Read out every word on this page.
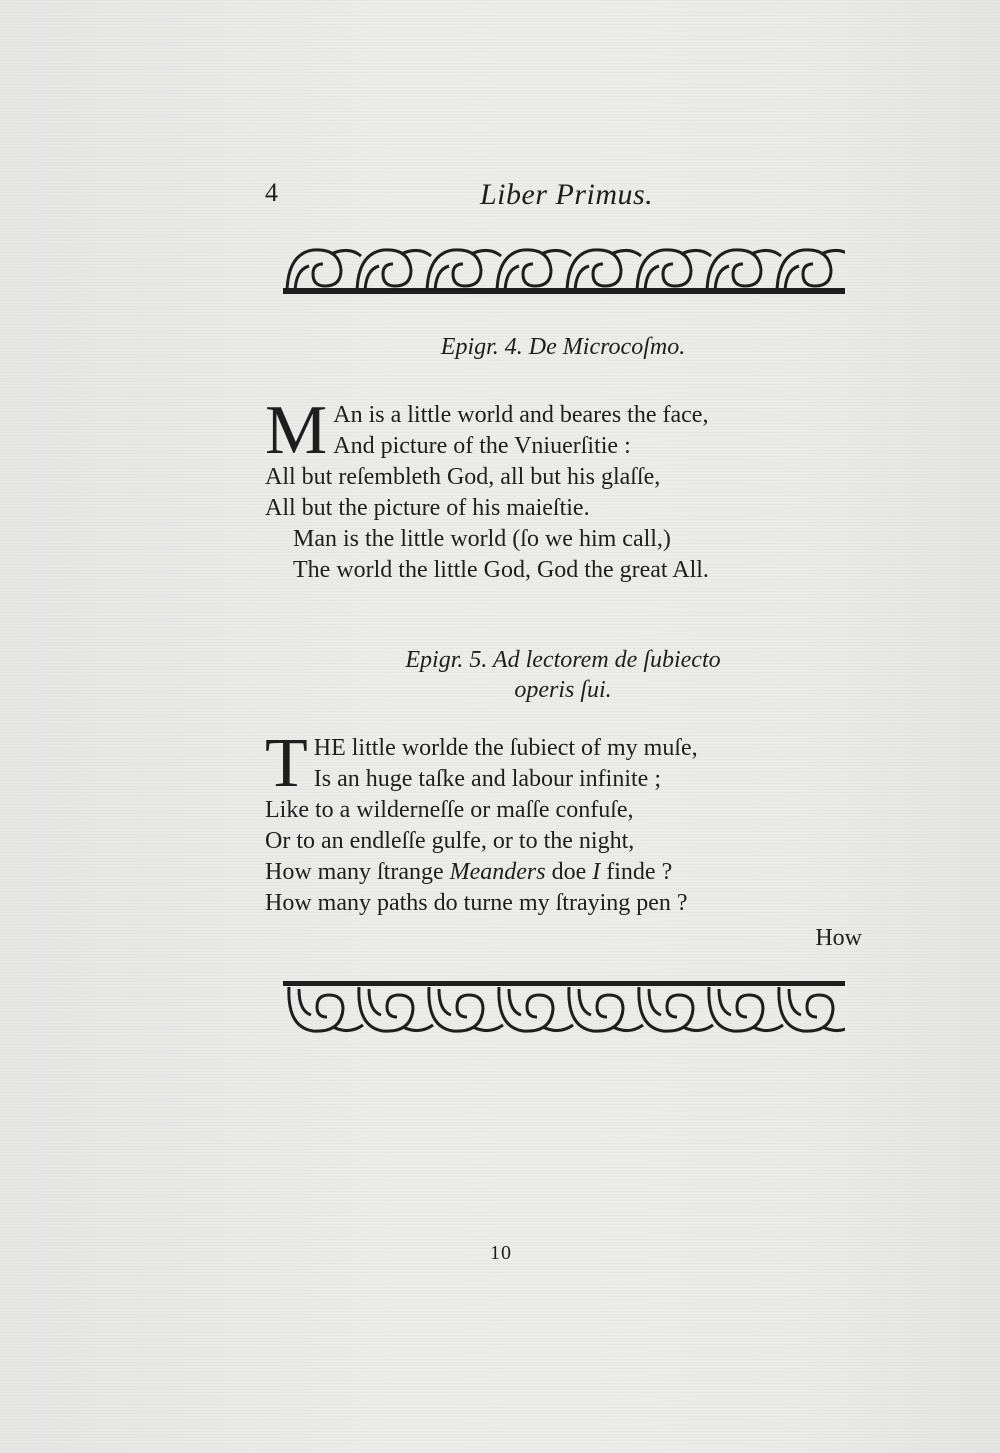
4	Liber Primus.
Epigr. 4. De Microcoſmo.
M An is a little world and beares the face,
And picture of the Vniuerſitie :
All but reſembleth God, all but his glaſſe,
All but the picture of his maieſtie.
Man is the little world (ſo we him call,)
The world the little God, God the great All.
Epigr. 5. Ad lectorem de ſubiecto
operis ſui.
T HE little worlde the ſubiect of my muſe,
Is an huge taſke and labour infinite ;
Like to a wilderneſſe or maſſe confuſe,
Or to an endleſſe gulfe, or to the night,
How many ſtrange Meanders doe I finde ?
How many paths do turne my ſtraying pen ?
How
10
